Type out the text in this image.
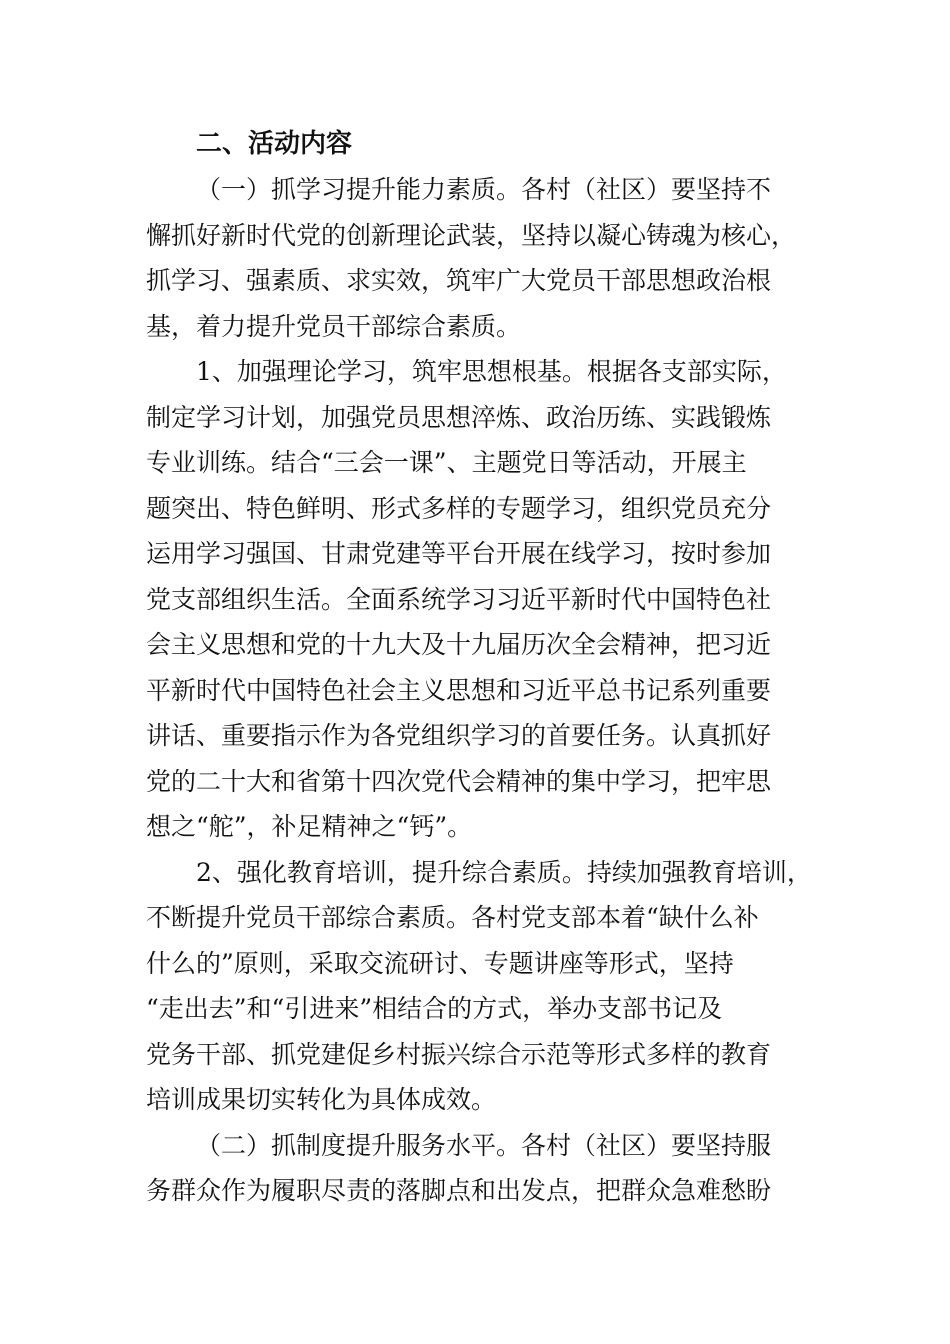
二、活动内容
（一）抓学习提升能力素质。各村（社区）要坚持不
懈抓好新时代党的创新理论武装，坚持以凝心铸魂为核心，
抓学习、强素质、求实效，筑牢广大党员干部思想政治根
基，着力提升党员干部综合素质。
1、加强理论学习，筑牢思想根基。根据各支部实际，
制定学习计划，加强党员思想淬炼、政治历练、实践锻炼
专业训练。结合“三会一课”、主题党日等活动，开展主
题突出、特色鲜明、形式多样的专题学习，组织党员充分
运用学习强国、甘肃党建等平台开展在线学习，按时参加
党支部组织生活。全面系统学习习近平新时代中国特色社
会主义思想和党的十九大及十九届历次全会精神，把习近
平新时代中国特色社会主义思想和习近平总书记系列重要
讲话、重要指示作为各党组织学习的首要任务。认真抓好
党的二十大和省第十四次党代会精神的集中学习，把牢思
想之“舵”，补足精神之“钙”。
2、强化教育培训，提升综合素质。持续加强教育培训，
不断提升党员干部综合素质。各村党支部本着“缺什么补
什么的”原则，采取交流研讨、专题讲座等形式，坚持
“走出去”和“引进来”相结合的方式，举办支部书记及
党务干部、抓党建促乡村振兴综合示范等形式多样的教育
培训成果切实转化为具体成效。
（二）抓制度提升服务水平。各村（社区）要坚持服
务群众作为履职尽责的落脚点和出发点，把群众急难愁盼
